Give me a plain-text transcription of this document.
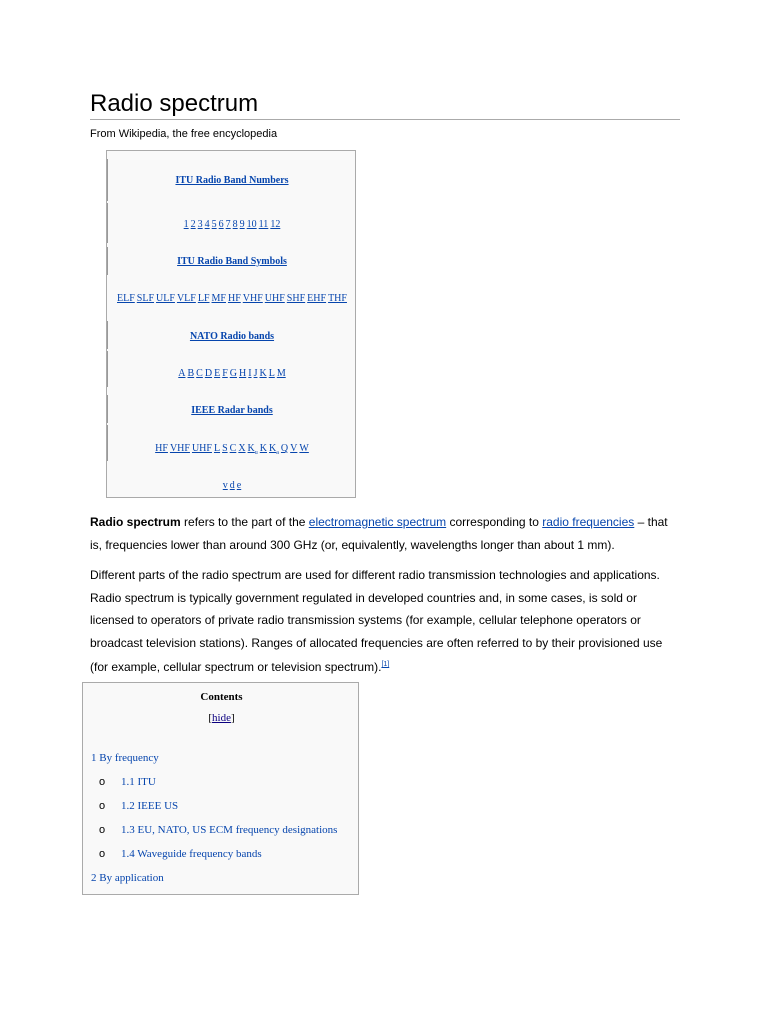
Radio spectrum
From Wikipedia, the free encyclopedia
ITU Radio Band Numbers
1 2 3 4 5 6 7 8 9 10 11 12
ITU Radio Band Symbols
ELF SLF ULF VLF LF MF HF VHF UHF SHF EHF THF
NATO Radio bands
A B C D E F G H I J K L M
IEEE Radar bands
HF VHF UHF L S C X $K_u$ K $K_a$ Q V W
v d e

Radio spectrum refers to the part of the electromagnetic spectrum corresponding to radio frequencies – that is, frequencies lower than around 300 GHz (or, equivalently, wavelengths longer than about 1 mm).

Different parts of the radio spectrum are used for different radio transmission technologies and applications. Radio spectrum is typically government regulated in developed countries and, in some cases, is sold or licensed to operators of private radio transmission systems (for example, cellular telephone operators or broadcast television stations). Ranges of allocated frequencies are often referred to by their provisioned use (for example, cellular spectrum or television spectrum).[1]

Contents
[hide]
1 By frequency
o 1.1 ITU
o 1.2 IEEE US
o 1.3 EU, NATO, US ECM frequency designations
o 1.4 Waveguide frequency bands
2 By application
